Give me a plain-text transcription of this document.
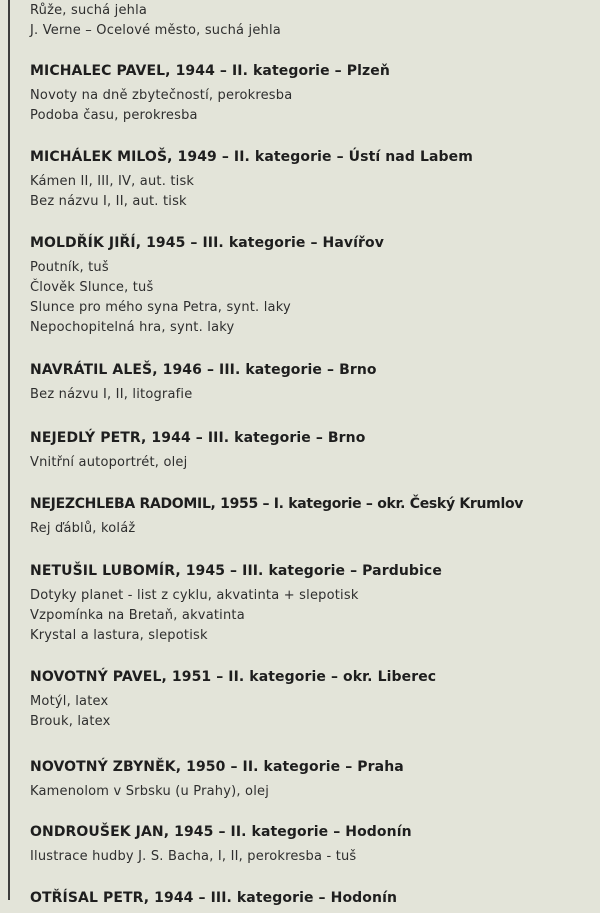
Růže, suchá jehla
J. Verne – Ocelové město, suchá jehla
MICHALEC PAVEL, 1944 – II. kategorie – Plzeň
Novoty na dně zbytečností, perokresba
Podoba času, perokresba
MICHÁLEK MILOŠ, 1949 – II. kategorie – Ústí nad Labem
Kámen II, III, IV, aut. tisk
Bez názvu I, II, aut. tisk
MOLDŘÍK JIŘÍ, 1945 – III. kategorie – Havířov
Poutník, tuš
Člověk Slunce, tuš
Slunce pro mého syna Petra, synt. laky
Nepochopitelná hra, synt. laky
NAVRÁTIL ALEŠ, 1946 – III. kategorie – Brno
Bez názvu I, II, litografie
NEJEDLÝ PETR, 1944 – III. kategorie – Brno
Vnitřní autoportrét, olej
NEJEZCHLEBA RADOMIL, 1955 – I. kategorie – okr. Český Krumlov
Rej ďáblů, koláž
NETUŠIL LUBOMÍR, 1945 – III. kategorie – Pardubice
Dotyky planet - list z cyklu, akvatinta + slepotisk
Vzpomínka na Bretaň, akvatinta
Krystal a lastura, slepotisk
NOVOTNÝ PAVEL, 1951 – II. kategorie – okr. Liberec
Motýl, latex
Brouk, latex
NOVOTNÝ ZBYNĚK, 1950 – II. kategorie – Praha
Kamenolom v Srbsku (u Prahy), olej
ONDROUŠEK JAN, 1945 – II. kategorie – Hodonín
Ilustrace hudby J. S. Bacha, I, II, perokresba - tuš
OTŘÍSAL PETR, 1944 – III. kategorie – Hodonín
